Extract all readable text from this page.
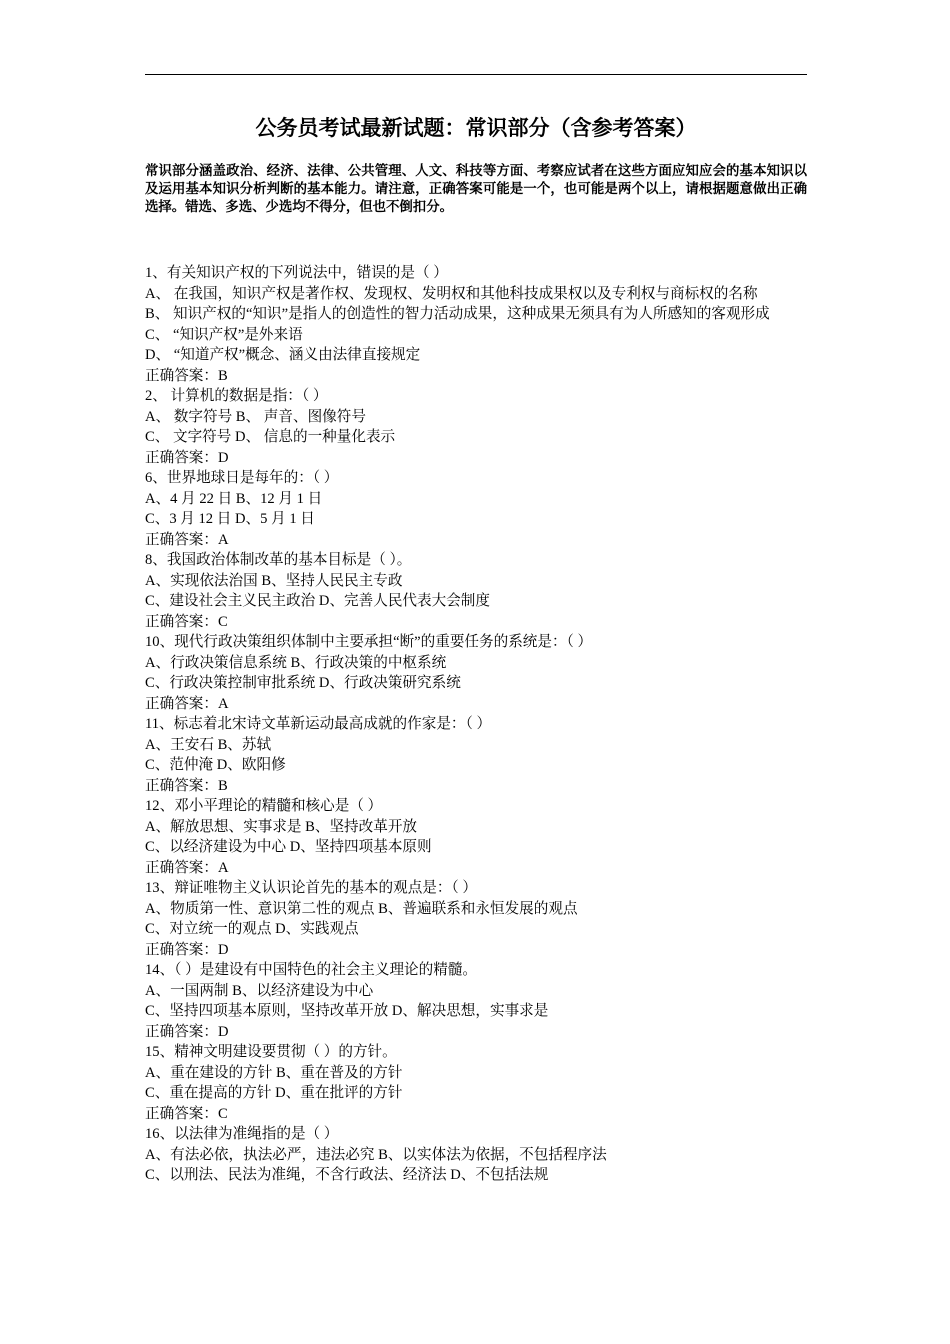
公务员考试最新试题：常识部分（含参考答案）
常识部分涵盖政治、经济、法律、公共管理、人文、科技等方面、考察应试者在这些方面应知应会的基本知识以及运用基本知识分析判断的基本能力。请注意，正确答案可能是一个，也可能是两个以上，请根据题意做出正确选择。错选、多选、少选均不得分，但也不倒扣分。
1、有关知识产权的下列说法中，错误的是（ ）
A、 在我国，知识产权是著作权、发现权、发明权和其他科技成果权以及专利权与商标权的名称
B、 知识产权的“知识”是指人的创造性的智力活动成果，这种成果无须具有为人所感知的客观形成
C、 “知识产权”是外来语
D、 “知道产权”概念、涵义由法律直接规定
正确答案：B
2、 计算机的数据是指：（ ）
A、 数字符号 B、 声音、图像符号
C、 文字符号 D、 信息的一种量化表示
正确答案：D
6、世界地球日是每年的：（ ）
A、4 月 22 日 B、12 月 1 日
C、3 月 12 日 D、5 月 1 日
正确答案：A
8、我国政治体制改革的基本目标是（ ）。
A、实现依法治国 B、坚持人民民主专政
C、建设社会主义民主政治 D、完善人民代表大会制度
正确答案：C
10、现代行政决策组织体制中主要承担“断”的重要任务的系统是：（ ）
A、行政决策信息系统 B、行政决策的中枢系统
C、行政决策控制审批系统 D、行政决策研究系统
正确答案：A
11、标志着北宋诗文革新运动最高成就的作家是：（ ）
A、王安石 B、苏轼
C、范仲淹 D、欧阳修
正确答案：B
12、邓小平理论的精髓和核心是（ ）
A、解放思想、实事求是 B、坚持改革开放
C、以经济建设为中心 D、坚持四项基本原则
正确答案：A
13、辩证唯物主义认识论首先的基本的观点是：（ ）
A、物质第一性、意识第二性的观点 B、普遍联系和永恒发展的观点
C、对立统一的观点 D、实践观点
正确答案：D
14、（ ）是建设有中国特色的社会主义理论的精髓。
A、一国两制 B、以经济建设为中心
C、坚持四项基本原则，坚持改革开放 D、解决思想，实事求是
正确答案：D
15、精神文明建设要贯彻（ ）的方针。
A、重在建设的方针 B、重在普及的方针
C、重在提高的方针 D、重在批评的方针
正确答案：C
16、以法律为准绳指的是（ ）
A、有法必依，执法必严，违法必究 B、以实体法为依据，不包括程序法
C、以刑法、民法为准绳，不含行政法、经济法 D、不包括法规
